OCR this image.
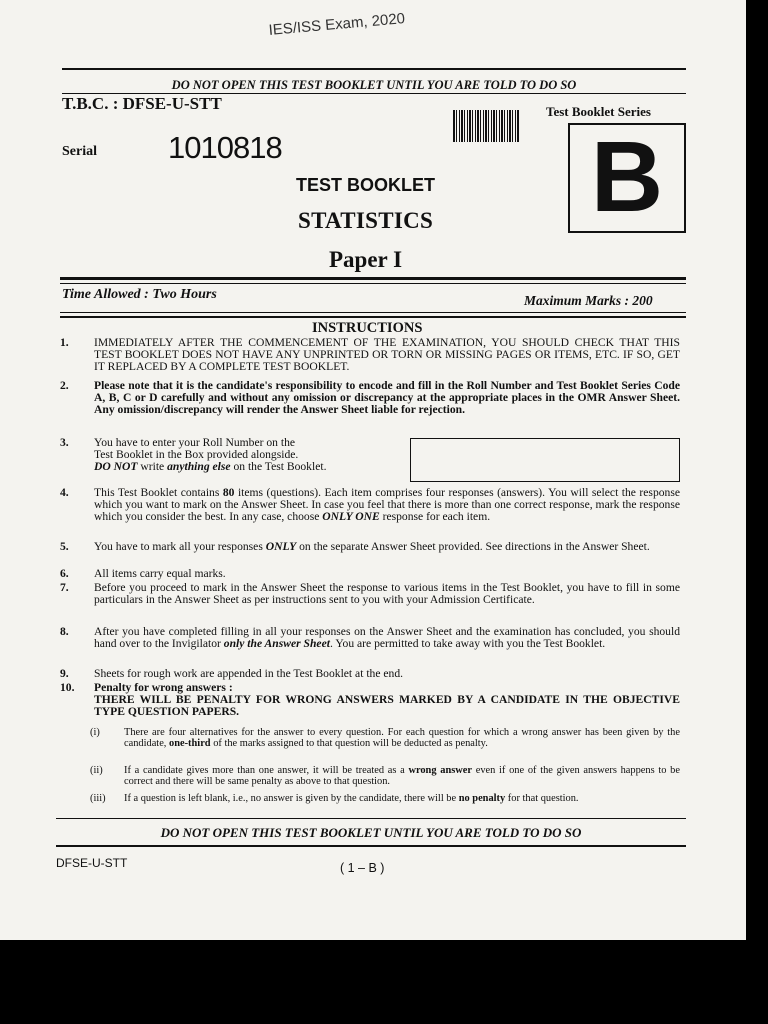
IES/ISS Exam, 2020
DO NOT OPEN THIS TEST BOOKLET UNTIL YOU ARE TOLD TO DO SO
T.B.C. : DFSE-U-STT	Test Booklet Series
B
Serial 1010818
TEST BOOKLET
STATISTICS
Paper I
Time Allowed : Two Hours	Maximum Marks : 200
INSTRUCTIONS
1. IMMEDIATELY AFTER THE COMMENCEMENT OF THE EXAMINATION, YOU SHOULD CHECK THAT THIS TEST BOOKLET DOES NOT HAVE ANY UNPRINTED OR TORN OR MISSING PAGES OR ITEMS, ETC. IF SO, GET IT REPLACED BY A COMPLETE TEST BOOKLET.
2. Please note that it is the candidate's responsibility to encode and fill in the Roll Number and Test Booklet Series Code A, B, C or D carefully and without any omission or discrepancy at the appropriate places in the OMR Answer Sheet. Any omission/discrepancy will render the Answer Sheet liable for rejection.
3. You have to enter your Roll Number on the
Test Booklet in the Box provided alongside.
DO NOT write anything else on the Test Booklet.
4. This Test Booklet contains 80 items (questions). Each item comprises four responses (answers). You will select the response which you want to mark on the Answer Sheet. In case you feel that there is more than one correct response, mark the response which you consider the best. In any case, choose ONLY ONE response for each item.
5. You have to mark all your responses ONLY on the separate Answer Sheet provided. See directions in the Answer Sheet.
6. All items carry equal marks.
7. Before you proceed to mark in the Answer Sheet the response to various items in the Test Booklet, you have to fill in some particulars in the Answer Sheet as per instructions sent to you with your Admission Certificate.
8. After you have completed filling in all your responses on the Answer Sheet and the examination has concluded, you should hand over to the Invigilator only the Answer Sheet. You are permitted to take away with you the Test Booklet.
9. Sheets for rough work are appended in the Test Booklet at the end.
10. Penalty for wrong answers :
THERE WILL BE PENALTY FOR WRONG ANSWERS MARKED BY A CANDIDATE IN THE OBJECTIVE TYPE QUESTION PAPERS.
(i) There are four alternatives for the answer to every question. For each question for which a wrong answer has been given by the candidate, one-third of the marks assigned to that question will be deducted as penalty.
(ii) If a candidate gives more than one answer, it will be treated as a wrong answer even if one of the given answers happens to be correct and there will be same penalty as above to that question.
(iii) If a question is left blank, i.e., no answer is given by the candidate, there will be no penalty for that question.
DO NOT OPEN THIS TEST BOOKLET UNTIL YOU ARE TOLD TO DO SO
DFSE-U-STT	( 1 – B )
